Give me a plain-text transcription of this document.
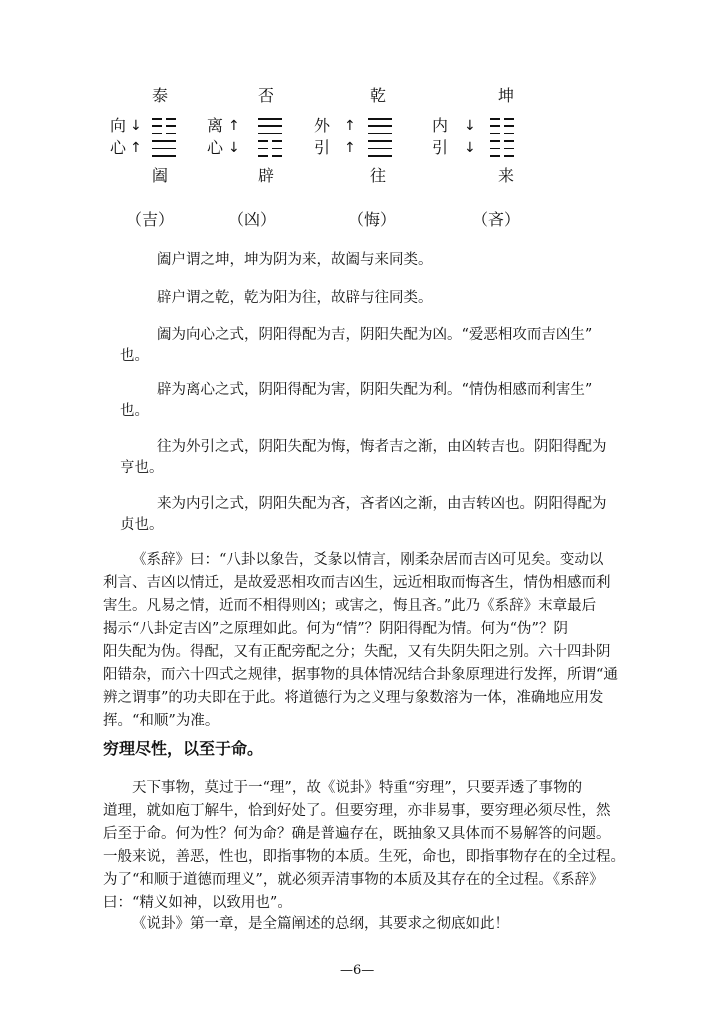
泰
向
心
↓
↑
阖
（吉）
否
离
心
↑
↓
辟
（凶）
乾
外
引
↑
↑
往
（悔）
坤
内
引
↓
↓
来
（吝）
阖户谓之坤，坤为阴为来，故阖与来同类。
辟户谓之乾，乾为阳为往，故辟与往同类。
阖为向心之式，阴阳得配为吉，阴阳失配为凶。“爱恶相攻而吉凶生”
也。
辟为离心之式，阴阳得配为害，阴阳失配为利。“情伪相感而利害生”
也。
往为外引之式，阴阳失配为悔，悔者吉之渐，由凶转吉也。阴阳得配为
亨也。
来为内引之式，阴阳失配为吝，吝者凶之渐，由吉转凶也。阴阳得配为
贞也。
《系辞》曰：“八卦以象告，爻彖以情言，刚柔杂居而吉凶可见矣。变动以
利言、吉凶以情迁，是故爱恶相攻而吉凶生，远近相取而悔吝生，情伪相感而利
害生。凡易之情，近而不相得则凶；或害之，悔且吝。”此乃《系辞》末章最后
揭示“八卦定吉凶”之原理如此。何为“情”？阴阳得配为情。何为“伪”？阴
阳失配为伪。得配，又有正配旁配之分；失配，又有失阴失阳之别。六十四卦阴
阳错杂，而六十四式之规律，据事物的具体情况结合卦象原理进行发挥，所谓“通
辨之谓事”的功夫即在于此。将道德行为之义理与象数溶为一体，准确地应用发
挥。“和顺”为准。
穷理尽性，以至于命。
天下事物，莫过于一“理”，故《说卦》特重“穷理”，只要弄透了事物的
道理，就如庖丁解牛，恰到好处了。但要穷理，亦非易事，要穷理必须尽性，然
后至于命。何为性？何为命？确是普遍存在，既抽象又具体而不易解答的问题。
一般来说，善恶，性也，即指事物的本质。生死，命也，即指事物存在的全过程。
为了“和顺于道德而理义”，就必须弄清事物的本质及其存在的全过程。《系辞》
曰：“精义如神，以致用也”。
《说卦》第一章，是全篇阐述的总纲，其要求之彻底如此！
—6—
